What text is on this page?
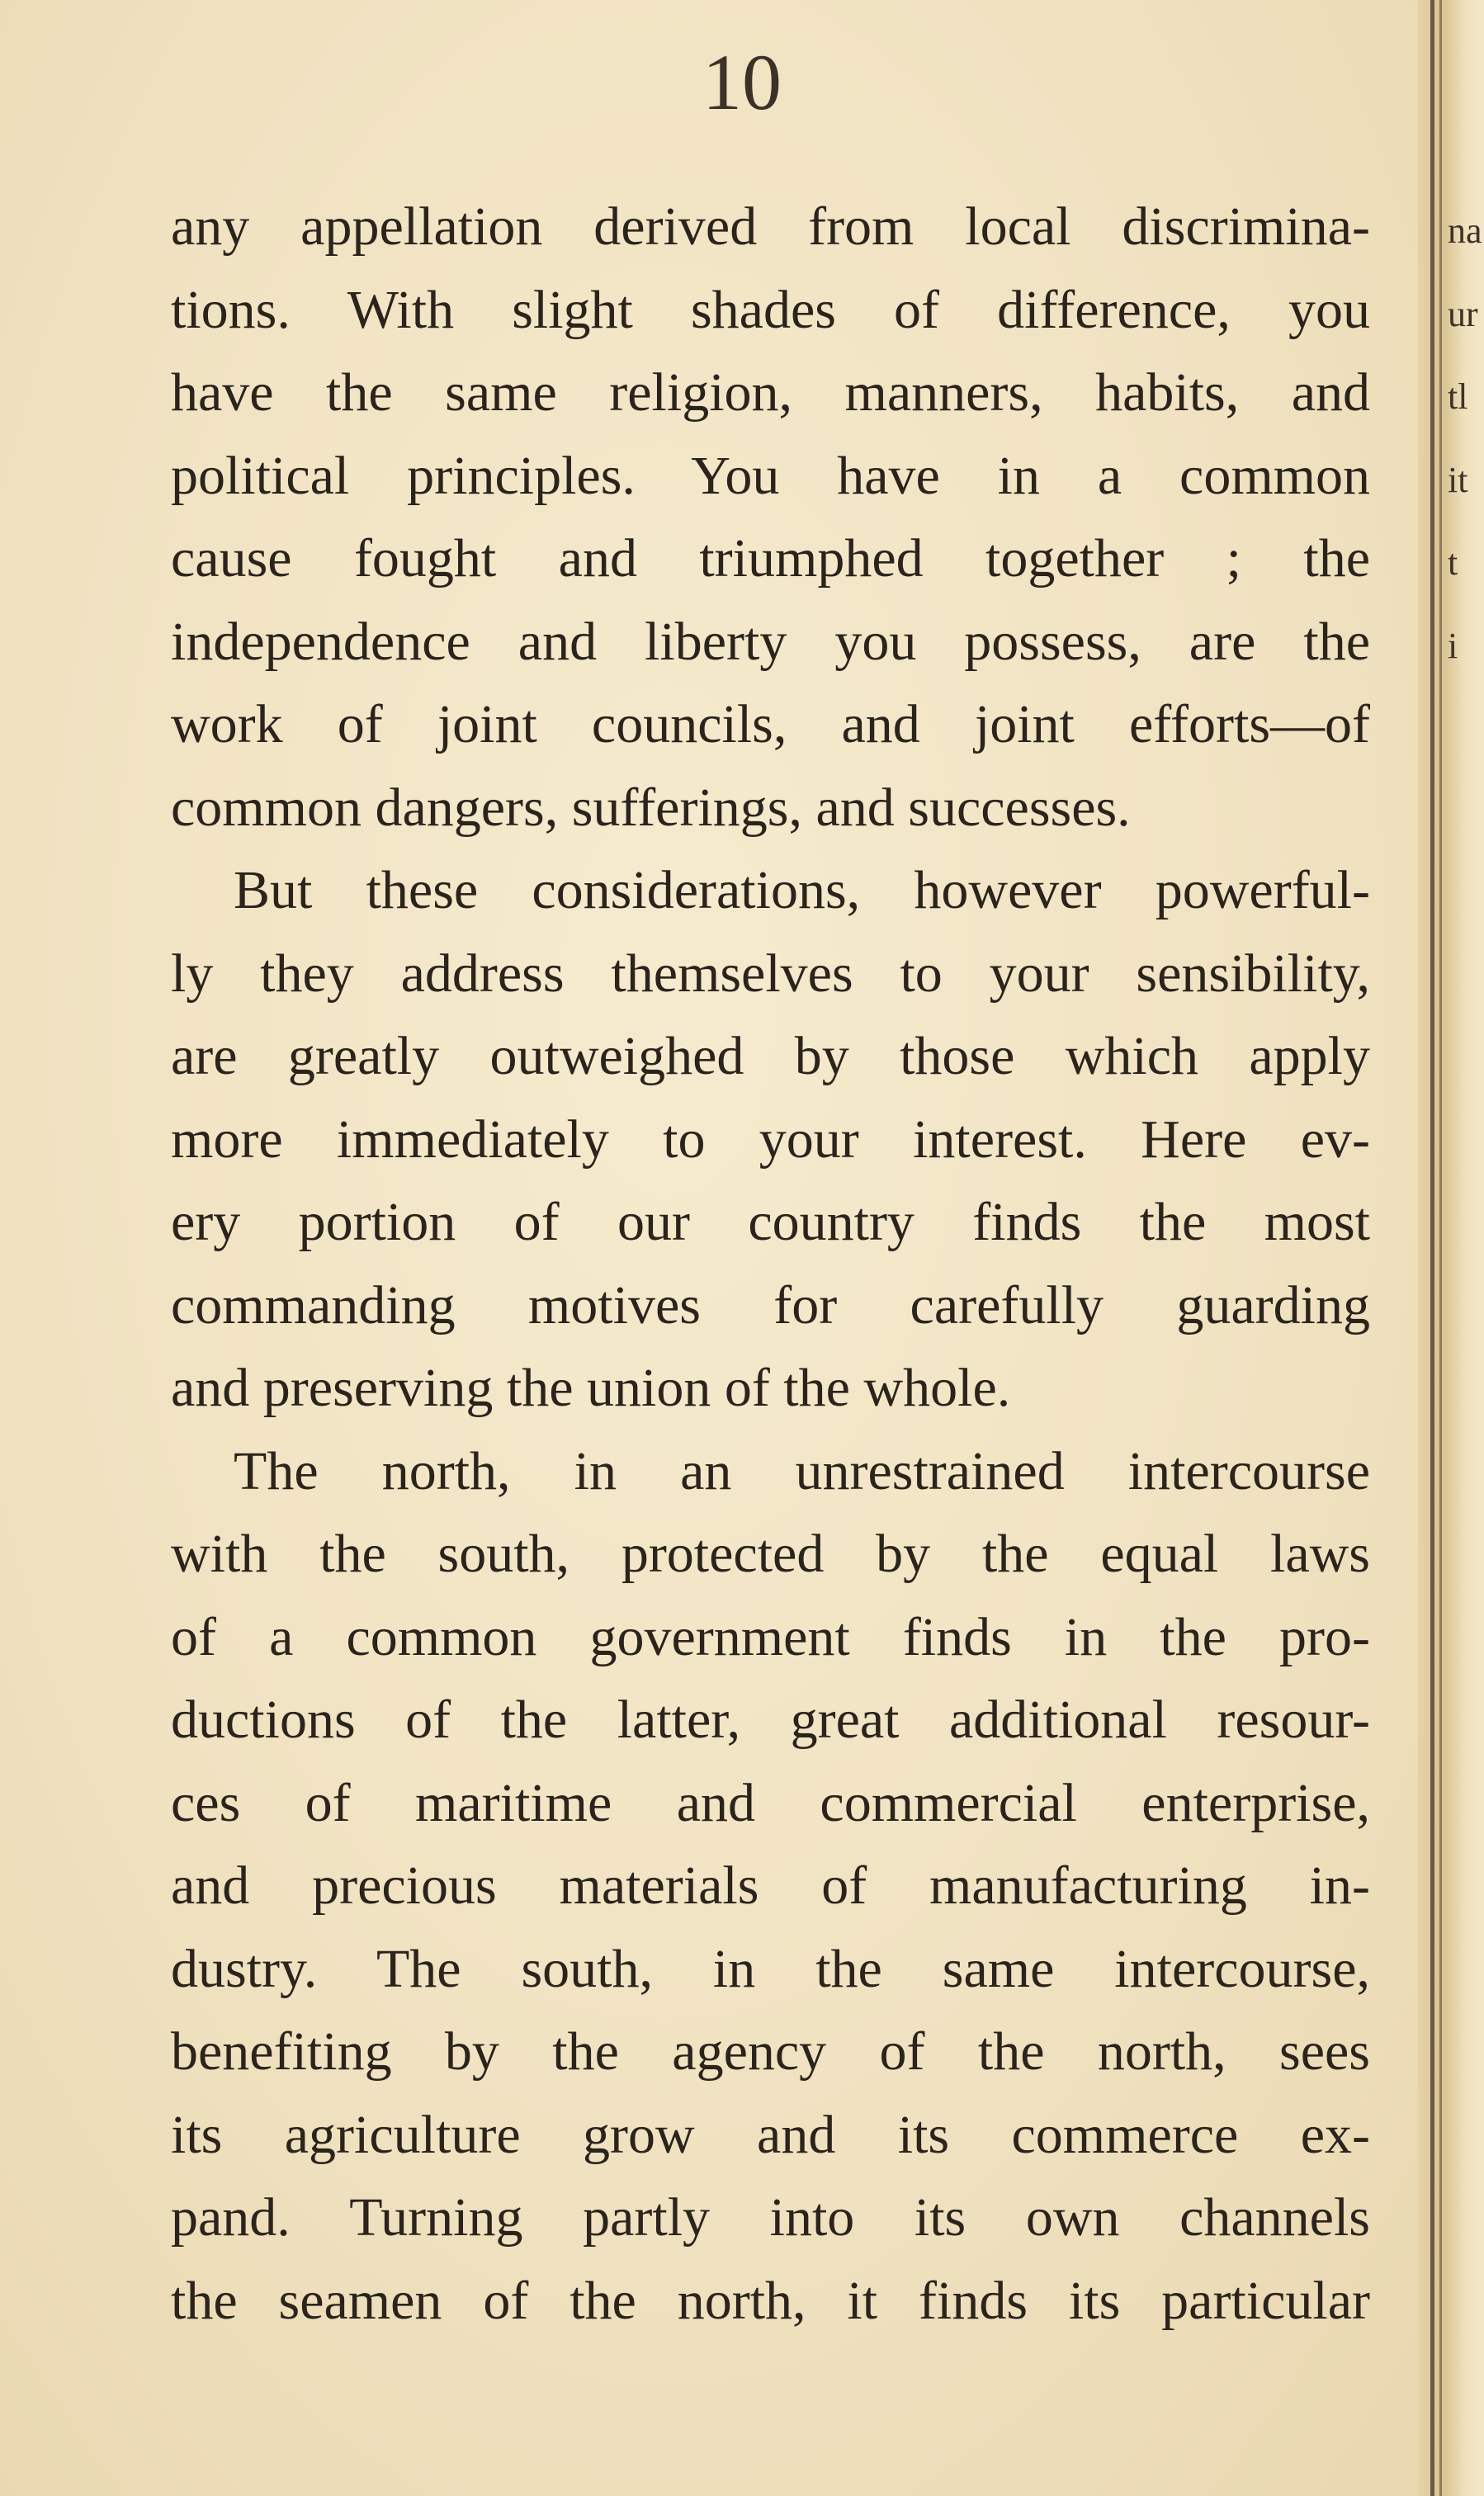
10
any appellation derived from local discrimina-
tions. With slight shades of difference, you
have the same religion, manners, habits, and
political principles. You have in a common
cause fought and triumphed together ; the
independence and liberty you possess, are the
work of joint councils, and joint efforts—of
common dangers, sufferings, and successes.
But these considerations, however powerful-
ly they address themselves to your sensibility,
are greatly outweighed by those which apply
more immediately to your interest. Here ev-
ery portion of our country finds the most
commanding motives for carefully guarding
and preserving the union of the whole.
The north, in an unrestrained intercourse
with the south, protected by the equal laws
of a common government finds in the pro-
ductions of the latter, great additional resour-
ces of maritime and commercial enterprise,
and precious materials of manufacturing in-
dustry. The south, in the same intercourse,
benefiting by the agency of the north, sees
its agriculture grow and its commerce ex-
pand. Turning partly into its own channels
the seamen of the north, it finds its particular
na
ur
tl
it
t
i
